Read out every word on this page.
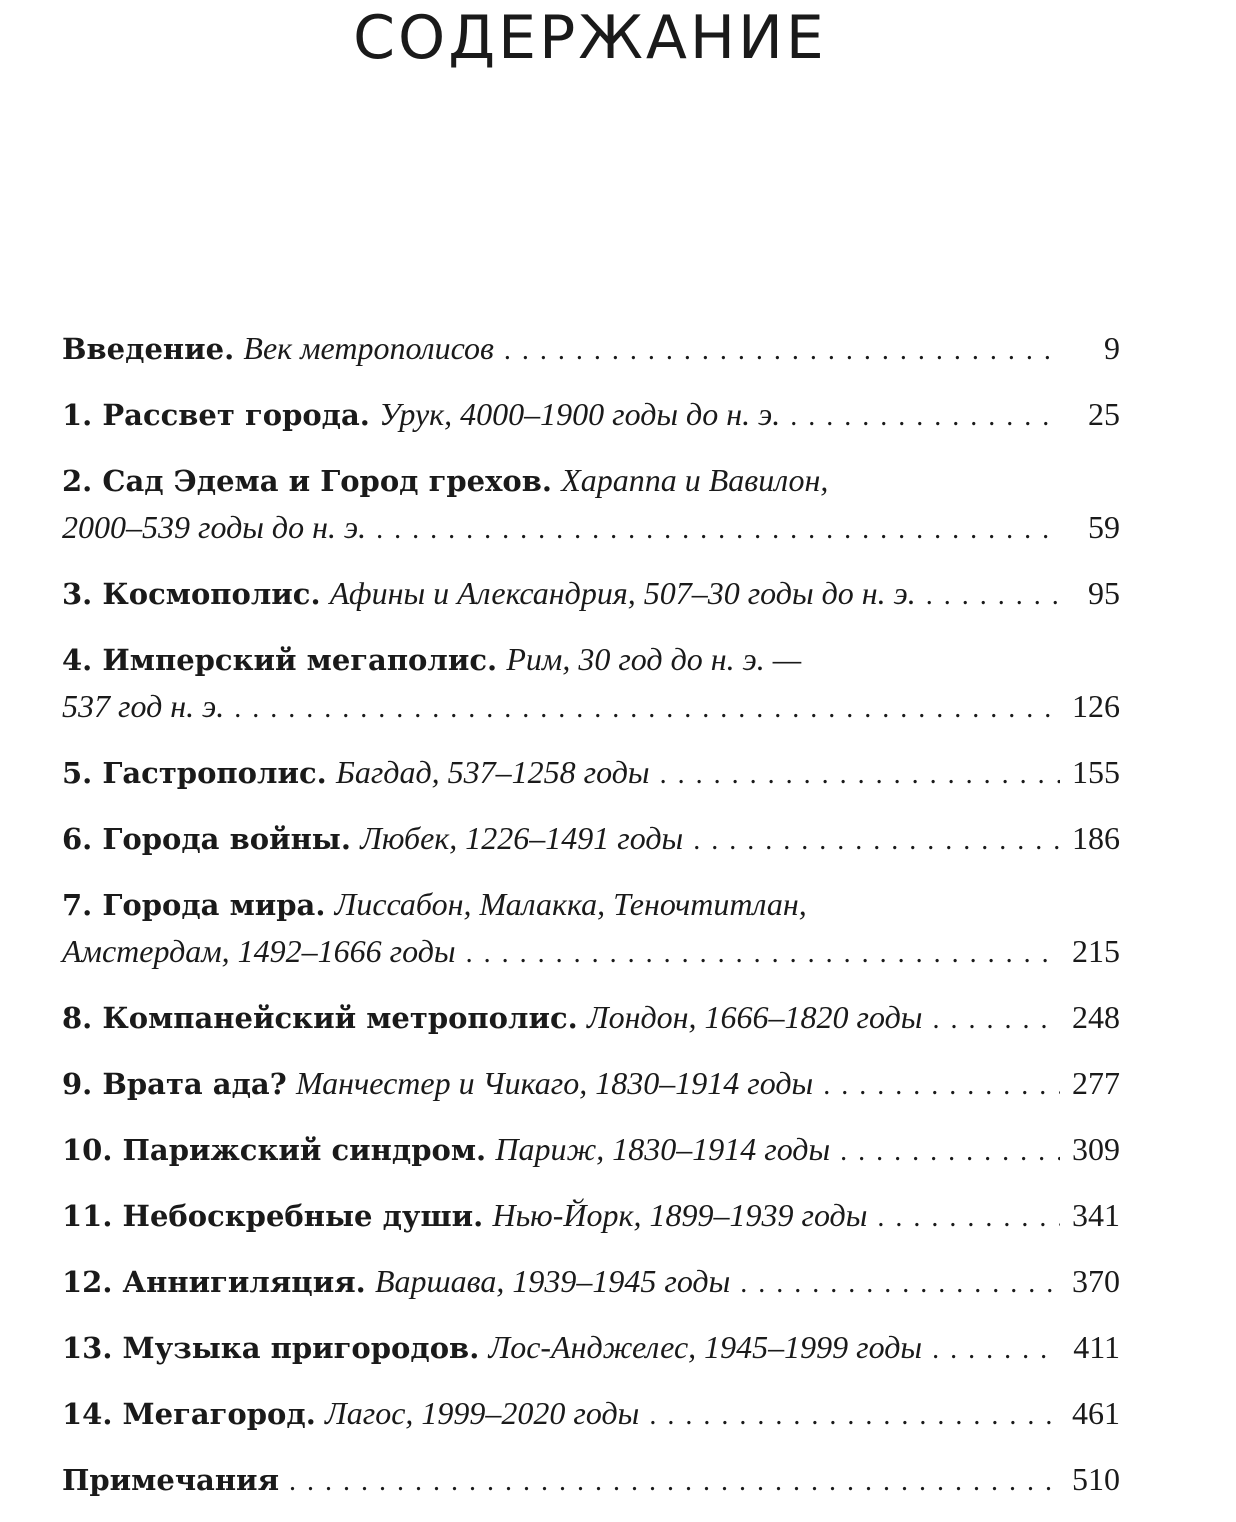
СОДЕРЖАНИЕ
Введение.
Век метрополисов . . .	9
1. Рассвет города.
Урук, 4000–1900 годы до н. э. . . .	25
2. Сад Эдема и Город грехов.
Хараппа и Вавилон,
2000–539 годы до н. э. . . .	59
3. Космополис.
Афины и Александрия, 507–30 годы до н. э. . . .	95
4. Имперский мегаполис.
Рим, 30 год до н. э. —
537 год н. э. . . .	126
5. Гастрополис.
Багдад, 537–1258 годы . . .	155
6. Города войны.
Любек, 1226–1491 годы . . .	186
7. Города мира.
Лиссабон, Малакка, Теночтитлан,
Амстердам, 1492–1666 годы . . .	215
8. Компанейский метрополис.
Лондон, 1666–1820 годы . . .	248
9. Врата ада?
Манчестер и Чикаго, 1830–1914 годы . . .	277
10. Парижский синдром.
Париж, 1830–1914 годы . . .	309
11. Небоскребные души.
Нью-Йорк, 1899–1939 годы . . .	341
12. Аннигиляция.
Варшава, 1939–1945 годы . . .	370
13. Музыка пригородов.
Лос-Анджелес, 1945–1999 годы . . .	411
14. Мегагород.
Лагос, 1999–2020 годы . . .	461
Примечания . . .	510
